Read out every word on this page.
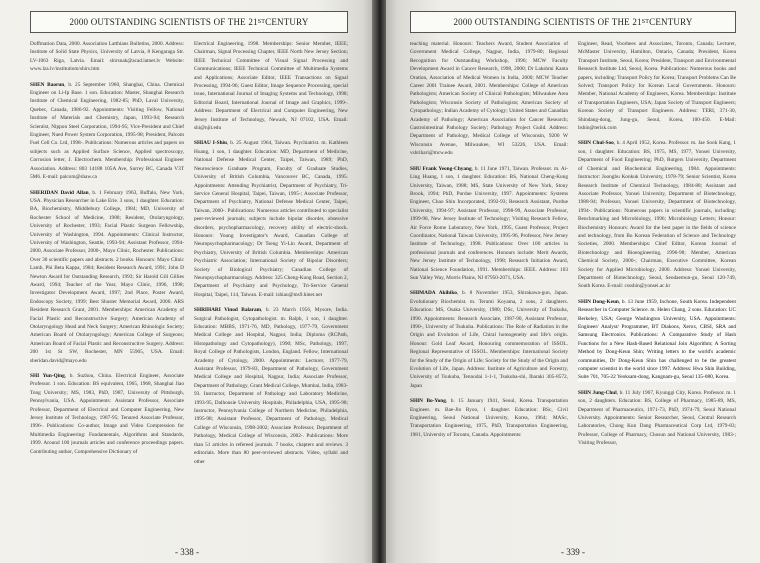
2000 OUTSTANDING SCIENTISTS OF THE 21 ST CENTURY

Doffmation Data, 2000. Association Latthians Bulletins, 2000. Address: Institute of Solid State Physics, University of Latvia, 8 Kengaraga Str. LV-1063 Riga, Latvia. Email: shirsnak@acad.latnet.lv Website: www.lza.lv/institutiom/shirs.htm

SHEN Baorun, b. 25 September 1960, Shanghai, China. Chemical Engineer on Li-Ip Base. 1 son. Education: Master, Shanghai Research Institute of Chemical Engineering, 1982-85; PhD, Laval University, Quebec, Canada, 1986-92. Appointments: Visiting Fellow, National Institute of Materials and Chemistry, Japan, 1993-94; Research Scientist, Nippon Steel Corporation, 1994-95; Vice-President and Chief Engineer, Nued Power System Corporation, 1995-98; President, Palcom Fuel Cell Co. Ltd, 1998-. Publications: Numerous articles and papers on subjects such as Applied Surface Science, Applied spectroscopy, Corrosion letter, J. Electrochem. Membership: Professional Engineer Association. Address: 803 14188 105A Ave, Surrey BC, Canada V3T 5M6. E-mail: palcom@shaw.ca

SHERIDAN David Allan, b. 1 February 1963, Buffalo, New York, USA. Physician Researcher in Lake Erie. 3 sons, 1 daughter. Education: BA, Biochemistry, Middlebury College, 1984; MD, University of Rochester School of Medicine, 1988; Resident, Otolaryngology, University of Rochester, 1993; Facial Plastic Surgeon Fellowship, University of Washington, 1994. Appointments: Clinical Instructor, University of Washington, Seattle, 1993-94; Assistant Professor, 1994-2000, Associate Professor, 2000-, Mayo Clinic, Rochester. Publications: Over 30 scientific papers and abstracts. 2 books. Honours: Mayo Clinic Lamb, Phi Beta Kappa, 1984; Resident Research Award, 1991; John D Newton Award for Outstanding Research, 1993; Sir Harold Gill Gillies Award, 1994; Teacher of the Year, Mayo Clinic, 1996, 1998; Investigator Development Award, 1997; 2nd Place, Poster Award, Endoscopy Society, 1999; Best Shuster Memorial Award, 2000. ARS Resident Research Grant, 2001. Memberships: American Academy of Facial Plastic and Reconstructive Surgery; American Academy of Otolaryngology Head and Neck Surgery; American Rhinologic Society; American Board of Otolaryngology; American College of Surgeons; American Board of Facial Plastic and Reconstructive Surgery. Address: 200 1st St SW, Rochester, MN 55905, USA. Email: sheridan.david@mayo.edu

SHI Yun-Qing, b. Suzhou, China. Electrical Engineer, Associate Professor. 1 son. Education: BS equivalent, 1965, 1968, Shanghai Jiao Tong University; MS, 1983, PhD, 1987, University of Pittsburgh, Pennsylvania, USA. Appointments: Assistant Professor, Associate Professor, Department of Electrical and Computer Engineering, New Jersey Institute of Technology, 1987-95; Tenured Associate Professor, 1996-. Publications: Co-author, Image and Video Compression for Multimedia Engineering: Fundamentals, Algorithms and Standards, 1999. Around 100 journals articles and conference proceedings papers. Contributing author, Comprehensive Dictionary of

Electrical Engineering, 1998. Memberships: Senior Member, IEEE; Chairman, Signal Processing Chapter, IEEE North New Jersey Section; IEEE Technical Committee of Visual Signal Processing and Communications; IEEE Technical Committee of Multimedia Systems and Applications; Associate Editor, IEEE Transactions on Signal Processing, 1994-96; Guest Editor, Image Sequence Processing, special issue, International Journal of Imaging Systems and Technology, 1998; Editorial Board, International Journal of Image and Graphics, 1999-. Address: Department of Electrical and Computer Engineering, New Jersey Institute of Technology, Newark, NJ 07102, USA. Email: shi@njit.edu

SHIAU I-Shiu, b. 25 August 1964, Taiwan. Psychiatrist. m. Kathleen Huang, 1 son, 1 daughter. Education: MD, Department of Medicine, National Defense Medical Center, Taipei, Taiwan, 1989; PhD, Neuroscience Graduate Program, Faculty of Graduate Studies, University of British Columbia, Vancouver BC, Canada, 1995. Appointments: Attending Psychiatrist, Department of Psychiatry, Tri-Service General Hospital, Taipei, Taiwan, 1995-; Associate Professor, Department of Psychiatry, National Defense Medical Center, Taipei, Taiwan, 2000-. Publications: Numerous articles contributed to specialist peer-reviewed journals; subjects include bipolar disorder, obsessive disorders, psychopharmacology, recovery ability of electric-shock. Honours: Young Investigator's Award, Canadian College of Neuropsychopharmacology; Dr Tseng Yi-Lin Award, Department of Psychiatry, University of British Columbia. Memberships: American Psychiatric Association; International Society of Bipolar Disorders; Society of Biological Psychiatry; Canadian College of Neuropsychopharmacology. Address: 325 Cheng-Kung Road, Section 2, Department of Psychiatry and Psychology, Tri-Service General Hospital, Taipei, 114, Taiwan. E-mail: ishiau@ms9.hinet.net

SHRIHARI Vinod Balaram, b. 23 March 1956, Mysore, India. Surgical Pathologist, Cytopathologist. m. Ralph, 1 son, 1 daughter. Education: MBBS, 1971-76, MD, Pathology, 1977-79, Government Medical College and Hospital, Nagpur, India; Diploma (RCPath, Histopathology and Cytopathology), 1990; MSc, Pathology, 1997, Royal College of Pathologists, London, England. Fellow, International Academy of Cytology, 2000. Appointments: Lecturer, 1977-79, Assistant Professor, 1979-83, Department of Pathology, Government Medical College and Hospital, Nagpur, India; Associate Professor, Department of Pathology, Grant Medical College, Mumbai, India, 1983-93. Instructor, Department of Pathology and Laboratory Medicine, 1993-95, Dalhousie University Hospitals, Philadelphia, USA, 1995-98; Instructor, Pennsylvania College of Northern Medicine, Philadelphia, 1995-98; Assistant Professor, Department of Pathology, Medical College of Wisconsin, 1998-2002; Associate Professor, Department of Pathology, Medical College of Wisconsin, 2002-. Publications: More than 51 articles in refereed journals. 7 books, chapters and reviews. 3 editorials. More than 80 peer-reviewed abstracts. Video, syllabi and other

- 338 -
2000 OUTSTANDING SCIENTISTS OF THE 21 ST CENTURY

teaching material. Honours: Teachers Award, Student Association of Government Medical College, Nagpur, India, 1979-80; Regional Recognition for Outstanding Workshop, 1996; MCW Faculty Development Award in Cancer Research, 1998, 2000; Dr Lakshmi Kanta Oration, Association of Medical Women in India, 2000; MCW Teacher Career 2001 Trainee Award, 2001. Memberships: College of American Pathologists; American Society of Clinical Pathologists; Milwaukee Area Pathologists; Wisconsin Society of Pathologists; American Society of Cytopathology; Indian Academy of Cytology; United States and Canadian Academy of Pathology; American Association for Cancer Research; Gastrointestinal Pathology Society; Pathology Project Guild. Address: Department of Pathology, Medical College of Wisconsin, 9200 W Wisconsin Avenue, Milwaukee, WI 53226, USA. Email: vshrihari@mcw.edu

SHU Frank Yeong-Chyang, b. 11 June 1971, Taiwan. Professor. m. Ai-Ling Huang, 1 son, 1 daughter. Education: BS, National Cheng-Kung University, Taiwan, 1988; MS, State University of New York, Stony Brook, 1994; PhD, Purdue University, 1997. Appointments: Systems Engineer, Chao Shin Incorporated, 1992-93; Research Assistant, Purdue University, 1994-97; Assistant Professor, 1998-99, Associate Professor, 1999-98, New Jersey Institute of Technology; Visiting Research Fellow, Air Force Rome Laboratory, New York, 1995, Guest Professor, Project Coordinator, National Taiwan University, 1995-96, Professor, New Jersey Institute of Technology, 1998. Publications: Over 100 articles in professional journals and conferences. Honours include: Merit Awards, New Jersey Institute of Technology, 1998; Research Initiation Award, National Science Foundation, 1991. Memberships: IEEE. Address: 103 Sun Valley Way, Morris Plains, NJ 07950-2071, USA.

SHIMADA Akihiko, b. 8 November 1953, Shirakawa-gun, Japan. Evolutionary Biochemist. m. Terumi Koyama, 2 sons, 2 daughters. Education: MS, Osaka University, 1980; DSc, University of Tsukuba, 1990. Appointments: Research Associate, 1987-90, Assistant Professor, 1990-, University of Tsukuba. Publications: The Role of Radiation in the Origin and Evolution of Life, Chiral homogeneity and life's origin. Honour: Gold Leaf Award, Honouring commemoration of ISSOL. Regional Representative of ISSOL. Memberships: International Society for the Study of the Origin of Life; Society for the Study of the Origin and Evolution of Life, Japan. Address: Institute of Agriculture and Forestry, University of Tsukuba, Tennodai 1-1-1, Tsukuba-shi, Ibaraki 305-8572, Japan

SHIN Bo-Yong, b. 15 January 1941, Seoul, Korea. Transportation Engineer. m. Bae-Jin Ryoo, 1 daughter. Education: BSc, Civil Engineering, Seoul National University, Korea, 1964; MASc, Transportation Engineering, 1975, PhD, Transportation Engineering, 1981, University of Toronto, Canada. Appointments:

Engineer, Read, Voorhees and Associates, Toronto, Canada; Lecturer, McMaster University, Hamilton, Ontario, Canada; President, Korea Transport Institute, Seoul, Korea; President, Transport and Environmental Research Institute Ltd, Seoul, Korea. Publications: Numerous books and papers, including: Transport Policy for Korea; Transport Problems Can Be Solved; Transport Policy for Korean Local Governments. Honours: Member, National Academy of Engineers, Korea. Memberships: Institute of Transportation Engineers, USA; Japan Society of Transport Engineers; Korean Society of Transport Engineers. Address: TERI, 371-30, Shindang-dong, Jung-gu, Seoul, Korea, 100-450. E-Mail: bshin@terisk.com

SHIN Chul-Soo, b. 4 April 1952, Korea. Professor. m. Jae Sook Kang, 1 son, 1 daughter. Education: BS, 1975, MS, 1977, Yonsei University, Department of Food Engineering; PhD, Rutgers University, Department of Chemical and Biochemical Engineering, 1984. Appointments: Instructor: Joongbu Konkuk University, 1978-79; Senior Scientist, Korea Research Institute of Chemical Technology, 1984-88; Assistant and Associate Professor, Yonsei University, Department of Biotechnology, 1988-94; Professor, Yonsei University, Department of Biotechnology, 1994-. Publications: Numerous papers in scientific journals, including: Benchmarking and Microbiology, 1996; Microbiology Letters; Honour: Biochemistry Honours: Award for the best paper in the fields of science and technology, from Bu Korean Federation of Science and Technology Societies, 2000. Memberships: Chief Editor, Korean Journal of Biotechnology and Bioengineering, 1996-98; Member, American Chemical Society, 2000-; Chairman, Executive Committee, Korean Society for Applied Microbiology, 2000. Address: Yonsei University, Department of Biotechnology, Seoul, Seodaemun-gu, Seoul 120-749, South Korea. E-mail: cssshin@yonsei.ac.kr

SHIN Dong-Keun, b. 13 June 1959, Inchone, South Korea. Independent Researcher in Computer Science. m. Helen Chang, 2 sons. Education: UC Berkeley, USA; George Washington University, USA. Appointments: Engineer/ Analyst/ Programmer, BT Diakons, Xerox, CBSI, SRA and Samsung Electronics. Publications: A Comparative Study of Hash Functions for a New Hash-Based Relational Join Algorithm; A Sorting Method by Dong-Keun Shin; Writing letters to the world's academic communities, Dr Dong-Keun Shin has challenged to be the greatest computer scientist in the world since 1997. Address: Hwa Shin Building, Suite 701, 705-22 Yeoksam-dong, Kangnam-gu, Seoul 135-080, Korea.

SHIN Jung-Chul, b. 11 July 1967, Kyunggi City, Korea. Professor. m. 1 son, 2 daughters. Education: BS, College of Pharmacy, 1985-89, MS, Department of Pharmaceutics, 1971-73, PhD, 1974-79, Seoul National University. Appointments: Senior Researcher, Seoul, Central Research Laboratories, Chong Kun Dang Pharmaceutical Corp Ltd, 1979-83; Professor, College of Pharmacy, Chosun and National University, 1983-; Visiting Professor,

- 339 -
